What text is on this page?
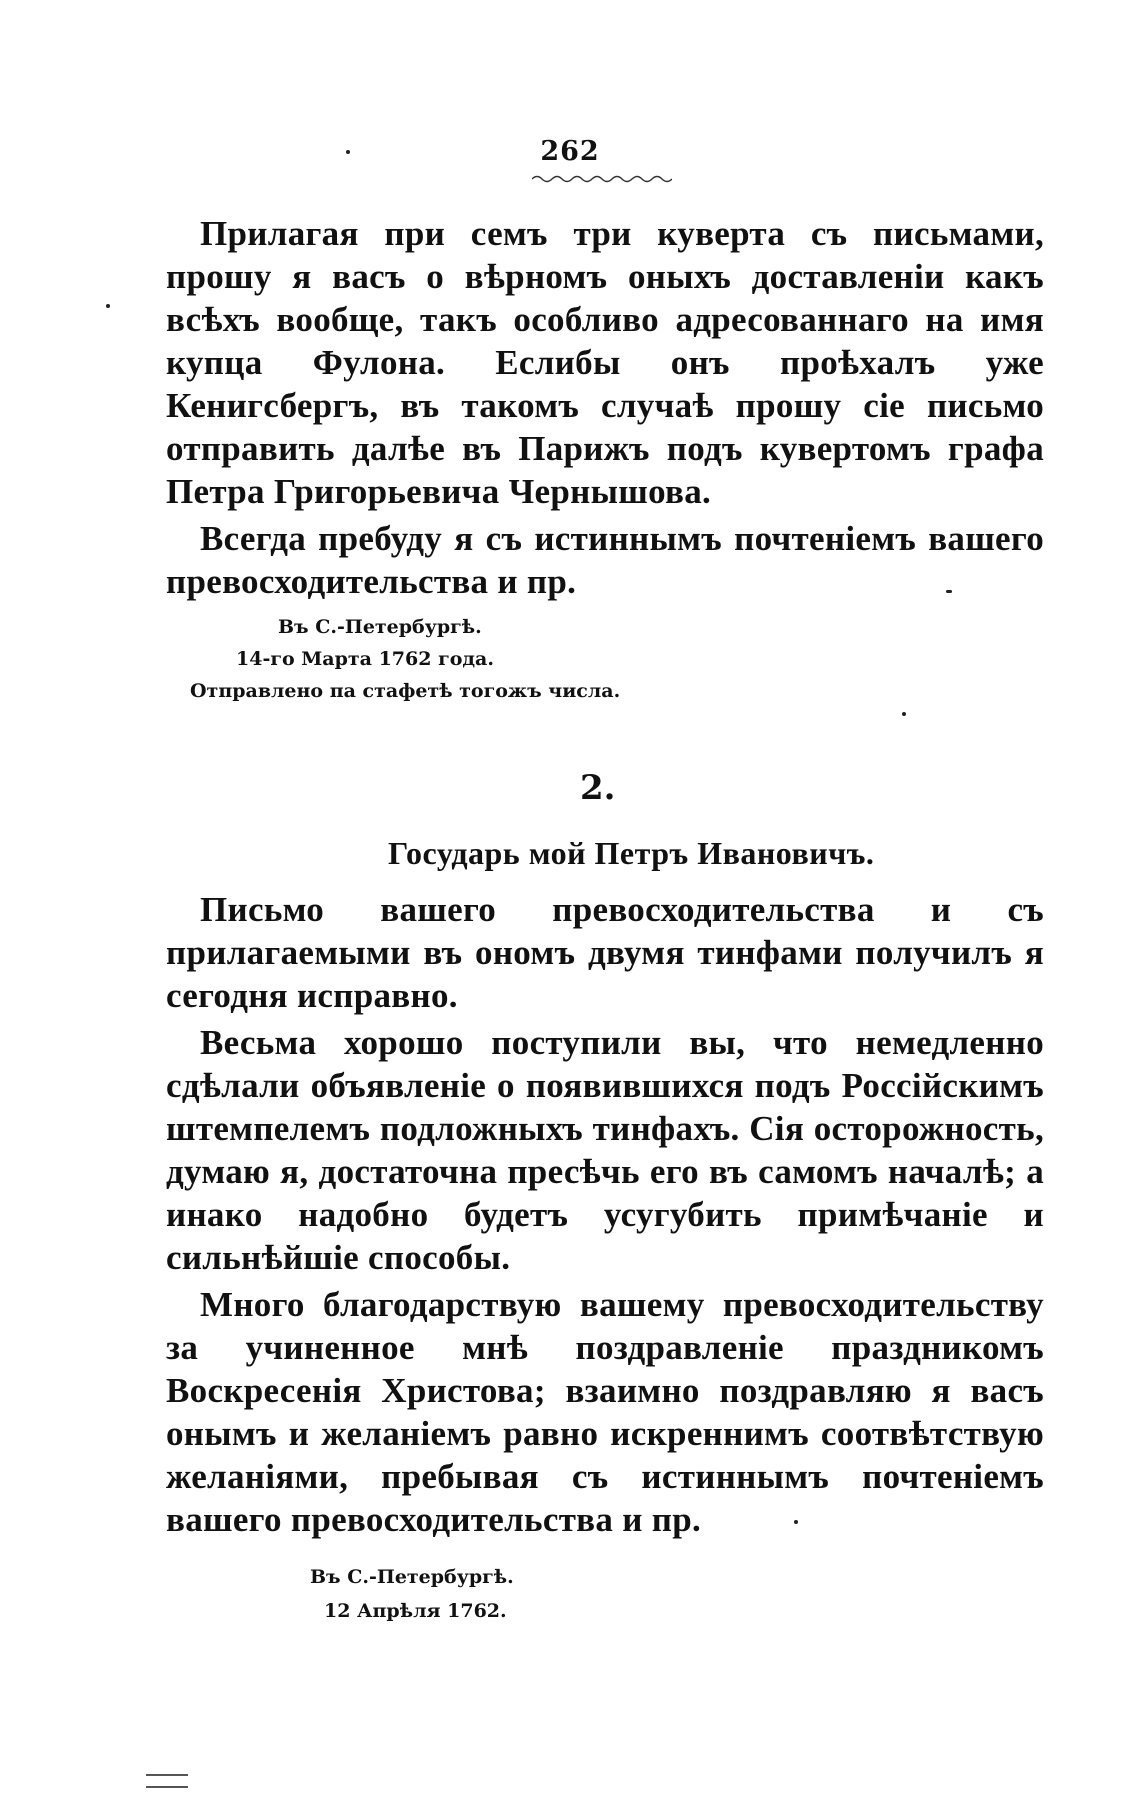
262

Прилагая при семъ три куверта съ письмами, прошу я васъ о вѣрномъ оныхъ доставленіи какъ всѣхъ вообще, такъ особливо адресованнаго на имя купца Фулона. Еслибы онъ проѣхалъ уже Кенигсбергъ, въ такомъ случаѣ прошу сіе письмо отправить далѣе въ Парижъ подъ кувертомъ графа Петра Григорьевича Чернышова.

Всегда пребуду я съ истиннымъ почтеніемъ вашего превосходительства и пр.

Въ С.-Петербургѣ.
14-го Марта 1762 года.
Отправлено па стафетѣ тогожъ числа.
2.
Государь мой Петръ Ивановичъ.

Письмо вашего превосходительства и съ прилагаемыми въ ономъ двумя тинфами получилъ я сегодня исправно.

Весьма хорошо поступили вы, что немедленно сдѣлали объявленіе о появившихся подъ Россійскимъ штемпелемъ подложныхъ тинфахъ. Сія осторожность, думаю я, достаточна пресѣчь его въ самомъ началѣ; а инако надобно будетъ усугубить примѣчаніе и сильнѣйшіе способы.

Много благодарствую вашему превосходительству за учиненное мнѣ поздравленіе праздникомъ Воскресенія Христова; взаимно поздравляю я васъ онымъ и желаніемъ равно искреннимъ соотвѣтствую желаніями, пребывая съ истиннымъ почтеніемъ вашего превосходительства и пр.

Въ С.-Петербургѣ.
12 Апрѣля 1762.
